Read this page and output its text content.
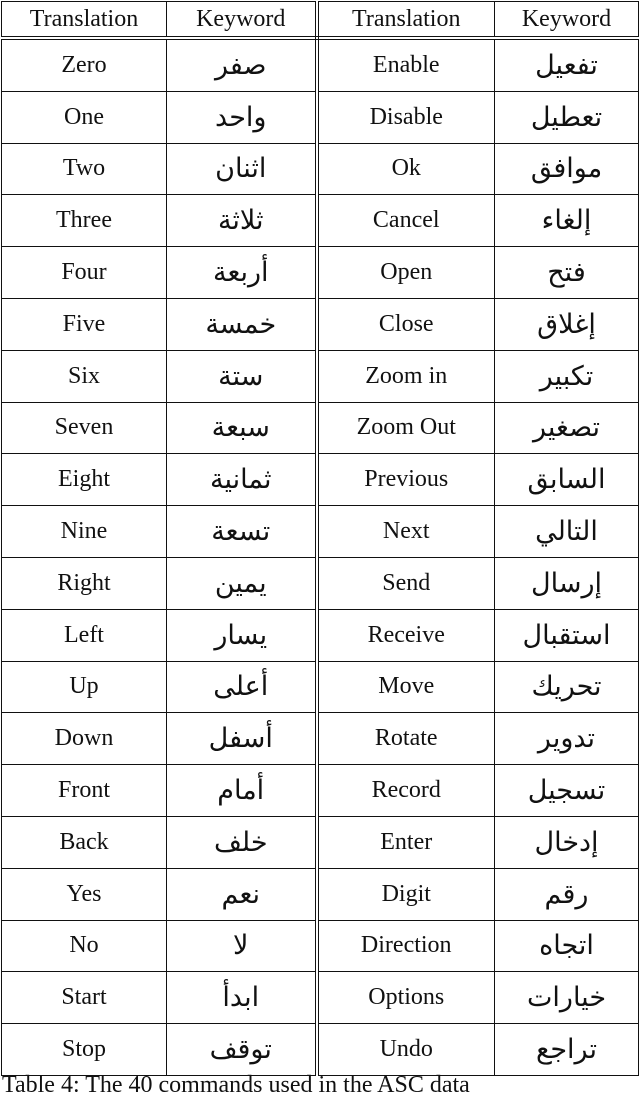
Translation	Keyword	Translation	Keyword
Zero	صفر	Enable	تفعيل
One	واحد	Disable	تعطيل
Two	اثنان	Ok	موافق
Three	ثلاثة	Cancel	إلغاء
Four	أربعة	Open	فتح
Five	خمسة	Close	إغلاق
Six	ستة	Zoom in	تكبير
Seven	سبعة	Zoom Out	تصغير
Eight	ثمانية	Previous	السابق
Nine	تسعة	Next	التالي
Right	يمين	Send	إرسال
Left	يسار	Receive	استقبال
Up	أعلى	Move	تحريك
Down	أسفل	Rotate	تدوير
Front	أمام	Record	تسجيل
Back	خلف	Enter	إدخال
Yes	نعم	Digit	رقم
No	لا	Direction	اتجاه
Start	ابدأ	Options	خيارات
Stop	توقف	Undo	تراجع
Table 4: The 40 commands used in the ASC data
